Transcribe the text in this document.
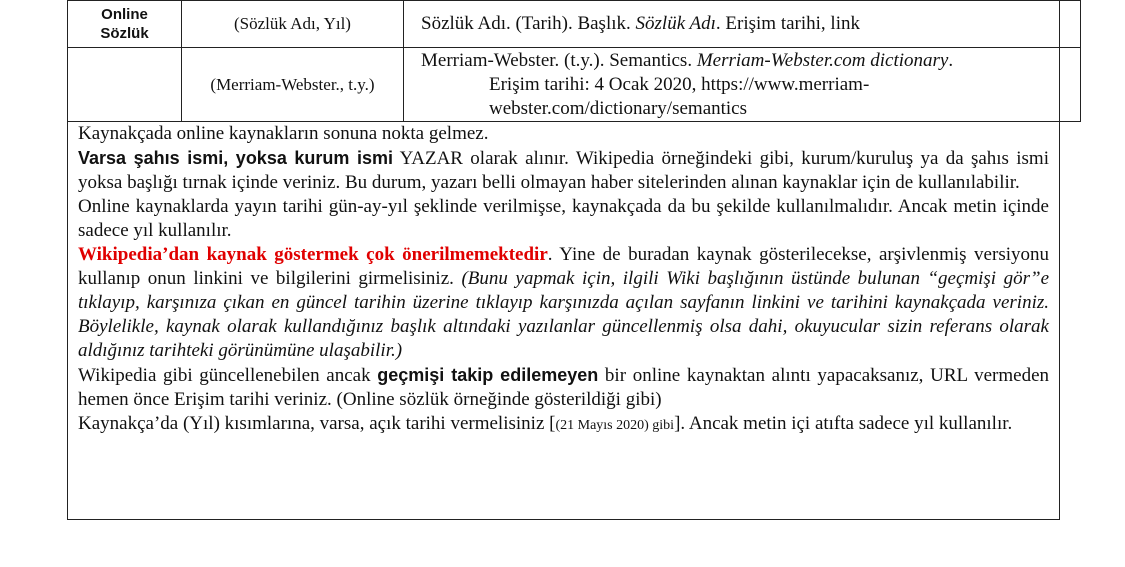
Online
Sözlük	(Sözlük Adı, Yıl)	Sözlük Adı. (Tarih). Başlık. Sözlük Adı. Erişim tarihi, link
	(Merriam-Webster., t.y.)	Merriam-Webster. (t.y.). Semantics. Merriam-Webster.com dictionary.
Erişim tarihi: 4 Ocak 2020, https://www.merriam-
webster.com/dictionary/semantics

Kaynakçada online kaynakların sonuna nokta gelmez.

Varsa şahıs ismi, yoksa kurum ismi YAZAR olarak alınır. Wikipedia örneğindeki gibi, kurum/kuruluş ya da şahıs ismi yoksa başlığı tırnak içinde veriniz. Bu durum, yazarı belli olmayan haber sitelerinden alınan kaynaklar için de kullanılabilir.

Online kaynaklarda yayın tarihi gün-ay-yıl şeklinde verilmişse, kaynakçada da bu şekilde kullanılmalıdır. Ancak metin içinde sadece yıl kullanılır.

Wikipedia’dan kaynak göstermek çok önerilmemektedir. Yine de buradan kaynak gösterilecekse, arşivlenmiş versiyonu kullanıp onun linkini ve bilgilerini girmelisiniz. (Bunu yapmak için, ilgili Wiki başlığının üstünde bulunan “geçmişi gör”e tıklayıp, karşınıza çıkan en güncel tarihin üzerine tıklayıp karşınızda açılan sayfanın linkini ve tarihini kaynakçada veriniz. Böylelikle, kaynak olarak kullandığınız başlık altındaki yazılanlar güncellenmiş olsa dahi, okuyucular sizin referans olarak aldığınız tarihteki görünümüne ulaşabilir.)

Wikipedia gibi güncellenebilen ancak geçmişi takip edilemeyen bir online kaynaktan alıntı yapacaksanız, URL vermeden hemen önce Erişim tarihi veriniz. (Online sözlük örneğinde gösterildiği gibi)

Kaynakça’da (Yıl) kısımlarına, varsa, açık tarihi vermelisiniz [(21 Mayıs 2020) gibi]. Ancak metin içi atıfta sadece yıl kullanılır.
